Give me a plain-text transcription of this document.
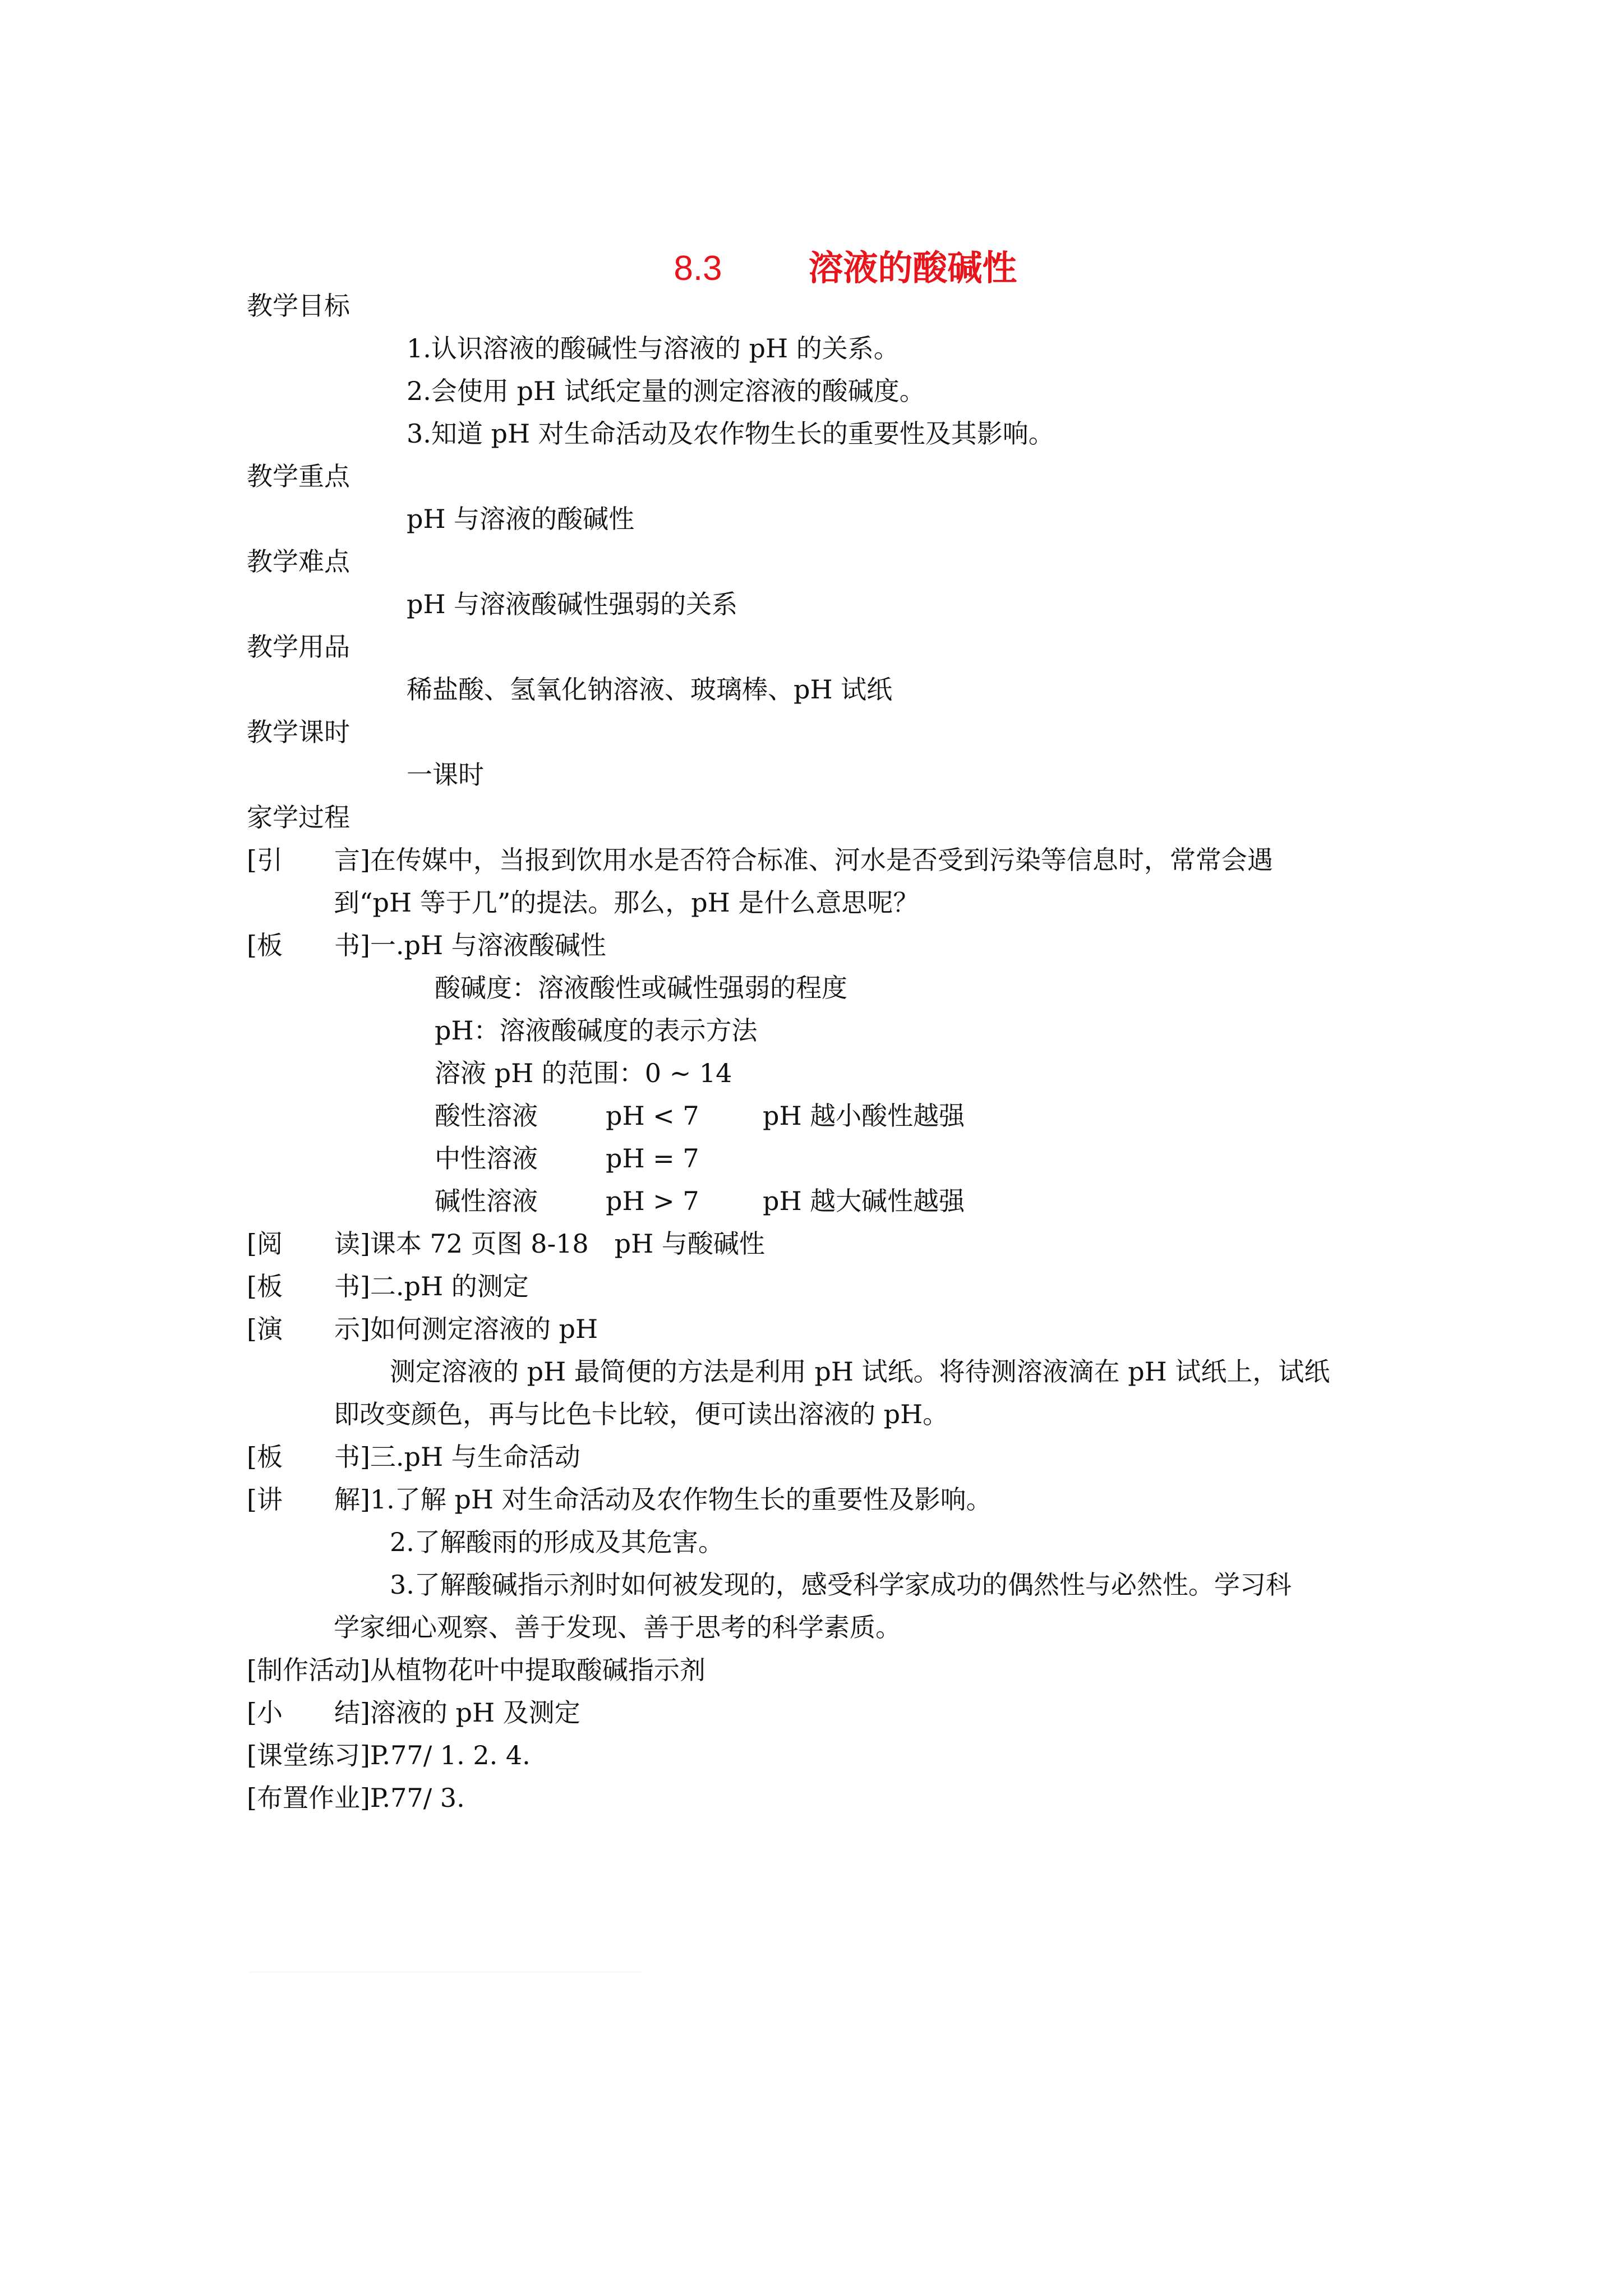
8.3 溶液的酸碱性

教学目标
1.认识溶液的酸碱性与溶液的 pH 的关系。
2.会使用 pH 试纸定量的测定溶液的酸碱度。
3.知道 pH 对生命活动及农作物生长的重要性及其影响。
教学重点
pH 与溶液的酸碱性
教学难点
pH 与溶液酸碱性强弱的关系
教学用品
稀盐酸、氢氧化钠溶液、玻璃棒、pH 试纸
教学课时
一课时
家学过程
[引　　言]在传媒中，当报到饮用水是否符合标准、河水是否受到污染等信息时，常常会遇
到“pH 等于几”的提法。那么，pH 是什么意思呢？
[板　　书]一.pH 与溶液酸碱性
酸碱度：溶液酸性或碱性强弱的程度
pH：溶液酸碱度的表示方法
溶液 pH 的范围：0 ~ 14
酸性溶液	pH < 7 pH 越小酸性越强
中性溶液	pH = 7
碱性溶液	pH > 7 pH 越大碱性越强
[阅　　读]课本 72 页图 8-18　pH 与酸碱性
[板　　书]二.pH 的测定
[演　　示]如何测定溶液的 pH
测定溶液的 pH 最简便的方法是利用 pH 试纸。将待测溶液滴在 pH 试纸上，试纸
即改变颜色，再与比色卡比较，便可读出溶液的 pH。
[板　　书]三.pH 与生命活动
[讲　　解]1.了解 pH 对生命活动及农作物生长的重要性及影响。
2.了解酸雨的形成及其危害。
3.了解酸碱指示剂时如何被发现的，感受科学家成功的偶然性与必然性。学习科
学家细心观察、善于发现、善于思考的科学素质。
[制作活动]从植物花叶中提取酸碱指示剂
[小　　结]溶液的 pH 及测定
[课堂练习]P.77/ 1. 2. 4.
[布置作业]P.77/ 3.
